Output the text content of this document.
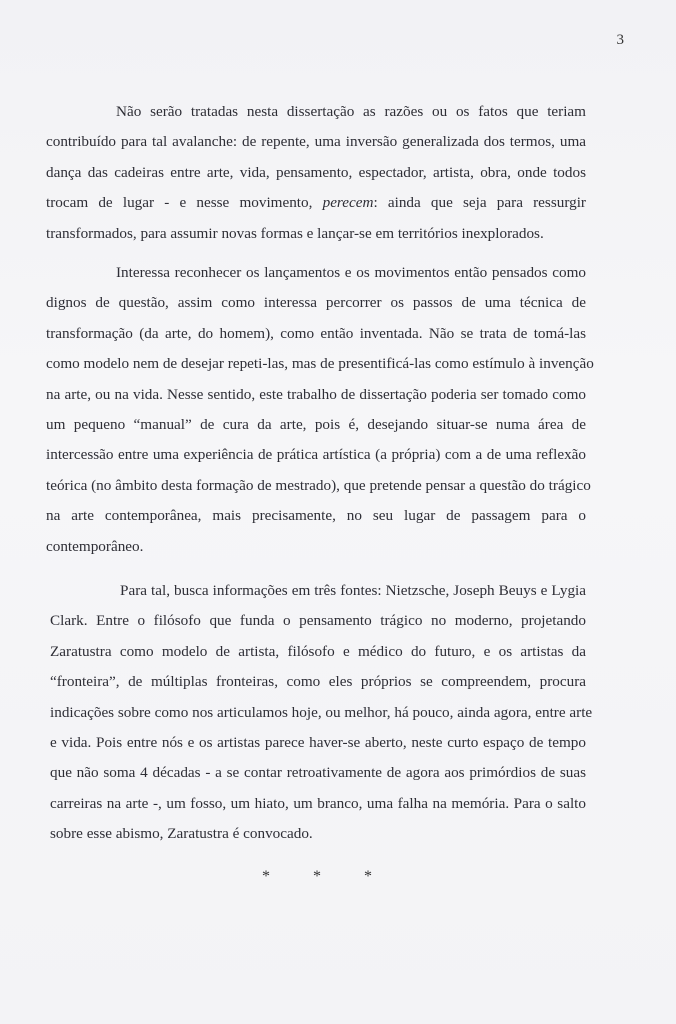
3
Não serão tratadas nesta dissertação as razões ou os fatos que teriam
contribuído para tal avalanche: de repente, uma inversão generalizada dos termos, uma
dança das cadeiras entre arte, vida, pensamento, espectador, artista, obra, onde todos
trocam de lugar - e nesse movimento, perecem: ainda que seja para ressurgir
transformados, para assumir novas formas e lançar-se em territórios inexplorados.
Interessa reconhecer os lançamentos e os movimentos então pensados como
dignos de questão, assim como interessa percorrer os passos de uma técnica de
transformação (da arte, do homem), como então inventada. Não se trata de tomá-las
como modelo nem de desejar repeti-las, mas de presentificá-las como estímulo à invenção
na arte, ou na vida. Nesse sentido, este trabalho de dissertação poderia ser tomado como
um pequeno “manual” de cura da arte, pois é, desejando situar-se numa área de
intercessão entre uma experiência de prática artística (a própria) com a de uma reflexão
teórica (no âmbito desta formação de mestrado), que pretende pensar a questão do trágico
na arte contemporânea, mais precisamente, no seu lugar de passagem para o
contemporâneo.
Para tal, busca informações em três fontes: Nietzsche, Joseph Beuys e Lygia
Clark. Entre o filósofo que funda o pensamento trágico no moderno, projetando
Zaratustra como modelo de artista, filósofo e médico do futuro, e os artistas da
“fronteira”, de múltiplas fronteiras, como eles próprios se compreendem, procura
indicações sobre como nos articulamos hoje, ou melhor, há pouco, ainda agora, entre arte
e vida. Pois entre nós e os artistas parece haver-se aberto, neste curto espaço de tempo
que não soma 4 décadas - a se contar retroativamente de agora aos primórdios de suas
carreiras na arte -, um fosso, um hiato, um branco, uma falha na memória. Para o salto
sobre esse abismo, Zaratustra é convocado.
*	*	*
